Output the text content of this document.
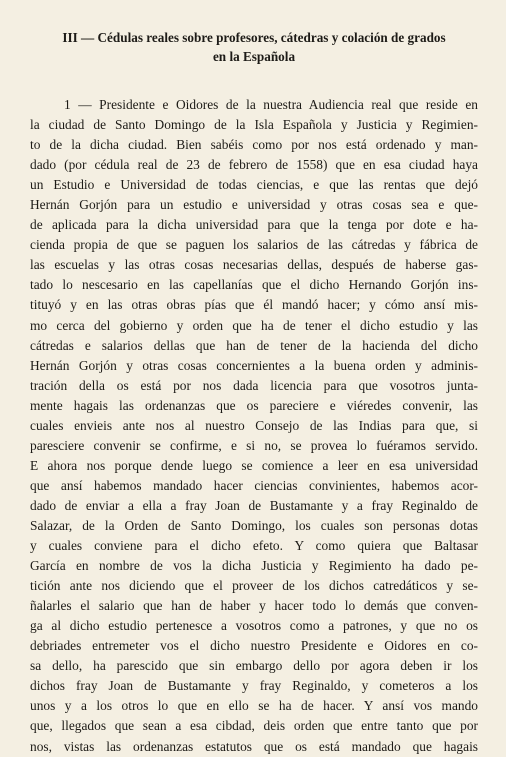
III — Cédulas reales sobre profesores, cátedras y colación de grados
en la Española
1 — Presidente e Oidores de la nuestra Audiencia real que reside en
la ciudad de Santo Domingo de la Isla Española y Justicia y Regimien-
to de la dicha ciudad. Bien sabéis como por nos está ordenado y man-
dado (por cédula real de 23 de febrero de 1558) que en esa ciudad haya
un Estudio e Universidad de todas ciencias, e que las rentas que dejó
Hernán Gorjón para un estudio e universidad y otras cosas sea e que-
de aplicada para la dicha universidad para que la tenga por dote e ha-
cienda propia de que se paguen los salarios de las cátredas y fábrica de
las escuelas y las otras cosas necesarias dellas, después de haberse gas-
tado lo nescesario en las capellanías que el dicho Hernando Gorjón ins-
tituyó y en las otras obras pías que él mandó hacer; y cómo ansí mis-
mo cerca del gobierno y orden que ha de tener el dicho estudio y las
cátredas e salarios dellas que han de tener de la hacienda del dicho
Hernán Gorjón y otras cosas concernientes a la buena orden y adminis-
tración della os está por nos dada licencia para que vosotros junta-
mente hagais las ordenanzas que os pareciere e viéredes convenir, las
cuales envieis ante nos al nuestro Consejo de las Indias para que, si
paresciere convenir se confirme, e si no, se provea lo fuéramos servido.
E ahora nos porque dende luego se comience a leer en esa universidad
que ansí habemos mandado hacer ciencias convinientes, habemos acor-
dado de enviar a ella a fray Joan de Bustamante y a fray Reginaldo de
Salazar, de la Orden de Santo Domingo, los cuales son personas dotas
y cuales conviene para el dicho efeto. Y como quiera que Baltasar
García en nombre de vos la dicha Justicia y Regimiento ha dado pe-
tición ante nos diciendo que el proveer de los dichos catredáticos y se-
ñalarles el salario que han de haber y hacer todo lo demás que conven-
ga al dicho estudio pertenesce a vosotros como a patrones, y que no os
debriades entremeter vos el dicho nuestro Presidente e Oidores en co-
sa dello, ha parescido que sin embargo dello por agora deben ir los
dichos fray Joan de Bustamante y fray Reginaldo, y cometeros a los
unos y a los otros lo que en ello se ha de hacer. Y ansí vos mando
que, llegados que sean a esa cibdad, deis orden que entre tanto que por
nos, vistas las ordenanzas estatutos que os está mandado que hagais
